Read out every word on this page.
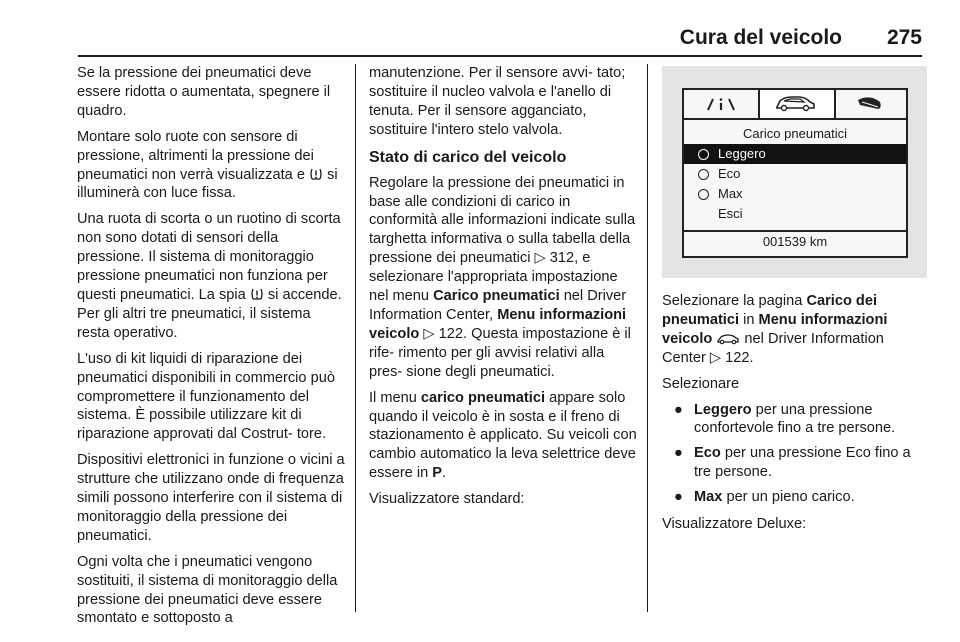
Cura del veicolo 275

Se la pressione dei pneumatici deve essere ridotta o aumentata, spegnere il quadro.

Montare solo ruote con sensore di pressione, altrimenti la pressione dei pneumatici non verrà visualizzata e si illuminerà con luce fissa.

Una ruota di scorta o un ruotino di scorta non sono dotati di sensori della pressione. Il sistema di monitoraggio pressione pneumatici non funziona per questi pneumatici. La spia si accende. Per gli altri tre pneumatici, il sistema resta operativo.

L'uso di kit liquidi di riparazione dei pneumatici disponibili in commercio può compromettere il funzionamento del sistema. È possibile utilizzare kit di riparazione approvati dal Costrut- tore.

Dispositivi elettronici in funzione o vicini a strutture che utilizzano onde di frequenza simili possono interferire con il sistema di monitoraggio della pressione dei pneumatici.

Ogni volta che i pneumatici vengono sostituiti, il sistema di monitoraggio della pressione dei pneumatici deve essere smontato e sottoposto a

manutenzione. Per il sensore avvi- tato; sostituire il nucleo valvola e l'anello di tenuta. Per il sensore agganciato, sostituire l'intero stelo valvola.

Stato di carico del veicolo

Regolare la pressione dei pneumatici in base alle condizioni di carico in conformità alle informazioni indicate sulla targhetta informativa o sulla tabella della pressione dei pneumatici ▷ 312, e selezionare l'appropriata impostazione nel menu Carico pneumatici nel Driver Information Center, Menu informazioni veicolo ▷ 122. Questa impostazione è il rife- rimento per gli avvisi relativi alla pres- sione degli pneumatici.

Il menu carico pneumatici appare solo quando il veicolo è in sosta e il freno di stazionamento è applicato. Su veicoli con cambio automatico la leva selettrice deve essere in P.

Visualizzatore standard:

Carico pneumatici
Leggero
Eco
Max
Esci
001539 km

Selezionare la pagina Carico dei pneumatici in Menu informazioni veicolo nel Driver Information Center ▷ 122.

Selezionare

● Leggero per una pressione confortevole fino a tre persone.
● Eco per una pressione Eco fino a tre persone.
● Max per un pieno carico.

Visualizzatore Deluxe:
